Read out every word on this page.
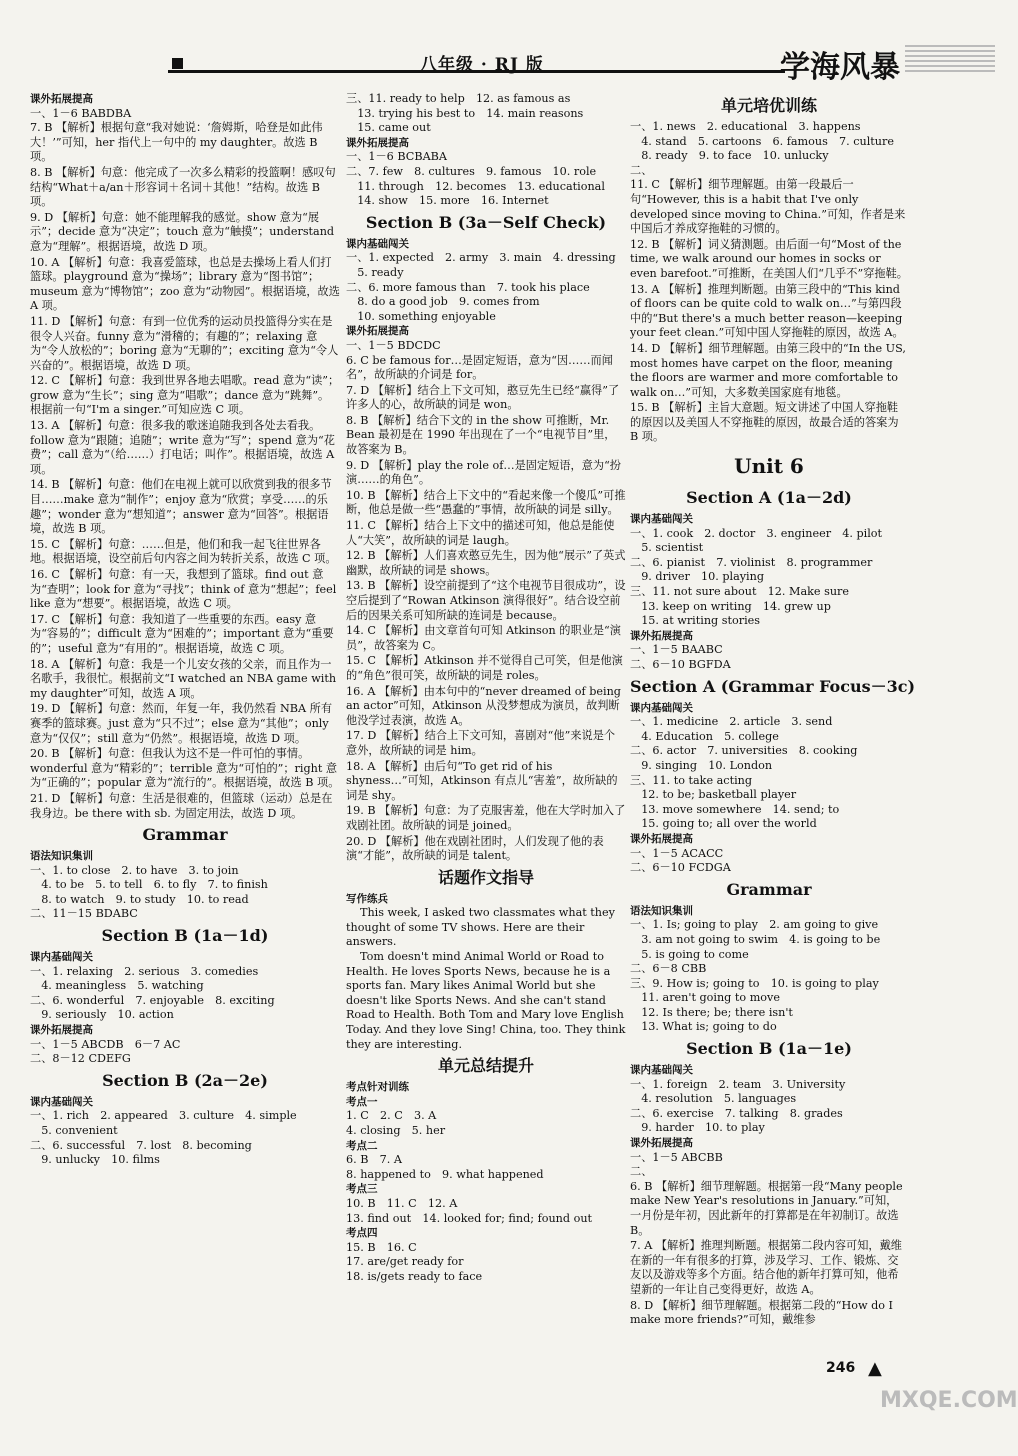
八年级 · RJ 版	学海风暴
课外拓展提高
一、1－6 BABDBA
7. B 【解析】根据句意“我对她说：‘詹姆斯，哈登是如此伟大！’”可知，her 指代上一句中的 my daughter。故选 B 项。
8. B 【解析】句意：他完成了一次多么精彩的投篮啊！感叹句结构“What＋a/an＋形容词＋名词＋其他！”结构。故选 B 项。
9. D 【解析】句意：她不能理解我的感觉。show 意为“展示”；decide 意为“决定”；touch 意为“触摸”；understand 意为“理解”。根据语境，故选 D 项。
10. A 【解析】句意：我喜爱篮球，也总是去操场上看人们打篮球。playground 意为“操场”；library 意为“图书馆”；museum 意为“博物馆”；zoo 意为“动物园”。根据语境，故选 A 项。
11. D 【解析】句意：有到一位优秀的运动员投篮得分实在是很令人兴奋。funny 意为“滑稽的；有趣的”；relaxing 意为“令人放松的”；boring 意为“无聊的”；exciting 意为“令人兴奋的”。根据语境，故选 D 项。
12. C 【解析】句意：我到世界各地去唱歌。read 意为“读”；grow 意为“生长”；sing 意为“唱歌”；dance 意为“跳舞”。根据前一句“I'm a singer.”可知应选 C 项。
13. A 【解析】句意：很多我的歌迷追随我到各处去看我。follow 意为“跟随；追随”；write 意为“写”；spend 意为“花费”；call 意为“（给……）打电话；叫作”。根据语境，故选 A 项。
14. B 【解析】句意：他们在电视上就可以欣赏到我的很多节目……make 意为“制作”；enjoy 意为“欣赏；享受……的乐趣”；wonder 意为“想知道”；answer 意为“回答”。根据语境，故选 B 项。
15. C 【解析】句意：……但是，他们和我一起飞往世界各地。根据语境，设空前后句内容之间为转折关系，故选 C 项。
16. C 【解析】句意：有一天，我想到了篮球。find out 意为“查明”；look for 意为“寻找”；think of 意为“想起”；feel like 意为“想要”。根据语境，故选 C 项。
17. C 【解析】句意：我知道了一些重要的东西。easy 意为“容易的”；difficult 意为“困难的”；important 意为“重要的”；useful 意为“有用的”。根据语境，故选 C 项。
18. A 【解析】句意：我是一个儿安女孩的父亲，而且作为一名歌手，我很忙。根据前文“I watched an NBA game with my daughter”可知，故选 A 项。
19. D 【解析】句意：然而，年复一年，我仍然看 NBA 所有赛季的篮球赛。just 意为“只不过”；else 意为“其他”；only 意为“仅仅”；still 意为“仍然”。根据语境，故选 D 项。
20. B 【解析】句意：但我认为这不是一件可怕的事情。wonderful 意为“精彩的”；terrible 意为“可怕的”；right 意为“正确的”；popular 意为“流行的”。根据语境，故选 B 项。
21. D 【解析】句意：生活是很难的，但篮球（运动）总是在我身边。be there with sb. 为固定用法，故选 D 项。
Grammar
语法知识集训
一、1. to close　2. to have　3. to join
　4. to be　5. to tell　6. to fly　7. to finish
　8. to watch　9. to study　10. to read
二、11－15 BDABC
Section B (1a－1d)
课内基础闯关
一、1. relaxing　2. serious　3. comedies
　4. meaningless　5. watching
二、6. wonderful　7. enjoyable　8. exciting
　9. seriously　10. action
课外拓展提高
一、1－5 ABCDB　6－7 AC
二、8－12 CDEFG
Section B (2a－2e)
课内基础闯关
一、1. rich　2. appeared　3. culture　4. simple
　5. convenient
二、6. successful　7. lost　8. becoming
　9. unlucky　10. films
三、11. ready to help　12. as famous as
　13. trying his best to　14. main reasons
　15. came out
课外拓展提高
一、1－6 BCBABA
二、7. few　8. cultures　9. famous　10. role
　11. through　12. becomes　13. educational
　14. show　15. more　16. Internet
Section B (3a－Self Check)
课内基础闯关
一、1. expected　2. army　3. main　4. dressing
　5. ready
二、6. more famous than　7. took his place
　8. do a good job　9. comes from
　10. something enjoyable
课外拓展提高
一、1－5 BDCDC
6. C be famous for…是固定短语，意为“因……而闻名”，故所缺的介词是 for。
7. D 【解析】结合上下文可知，憨豆先生已经“赢得”了许多人的心，故所缺的词是 won。
8. B 【解析】结合下文的 in the show 可推断，Mr. Bean 最初是在 1990 年出现在了一个“电视节目”里，故答案为 B。
9. D 【解析】play the role of…是固定短语，意为“扮演……的角色”。
10. B 【解析】结合上下文中的“看起来像一个傻瓜”可推断，他总是做一些“愚蠢的”事情，故所缺的词是 silly。
11. C 【解析】结合上下文中的描述可知，他总是能使人“大笑”，故所缺的词是 laugh。
12. B 【解析】人们喜欢憨豆先生，因为他“展示”了英式幽默，故所缺的词是 shows。
13. B 【解析】设空前提到了“这个电视节目很成功”，设空后提到了“Rowan Atkinson 演得很好”。结合设空前后的因果关系可知所缺的连词是 because。
14. C 【解析】由文章首句可知 Atkinson 的职业是“演员”，故答案为 C。
15. C 【解析】Atkinson 并不觉得自己可笑，但是他演的“角色”很可笑，故所缺的词是 roles。
16. A 【解析】由本句中的“never dreamed of being an actor”可知，Atkinson 从没梦想成为演员，故判断他没学过表演，故选 A。
17. D 【解析】结合上下文可知，喜剧对“他”来说是个意外，故所缺的词是 him。
18. A 【解析】由后句“To get rid of his shyness…”可知，Atkinson 有点儿“害羞”，故所缺的词是 shy。
19. B 【解析】句意：为了克服害羞，他在大学时加入了戏剧社团。故所缺的词是 joined。
20. D 【解析】他在戏剧社团时，人们发现了他的表演“才能”，故所缺的词是 talent。
话题作文指导
写作练兵
This week, I asked two classmates what they thought of some TV shows. Here are their answers.
Tom doesn't mind Animal World or Road to Health. He loves Sports News, because he is a sports fan. Mary likes Animal World but she doesn't like Sports News. And she can't stand Road to Health. Both Tom and Mary love English Today. And they love Sing! China, too. They think they are interesting.
单元总结提升
考点针对训练
考点一
1. C　2. C　3. A
4. closing　5. her
考点二
6. B　7. A
8. happened to　9. what happened
考点三
10. B　11. C　12. A
13. find out　14. looked for; find; found out
考点四
15. B　16. C
17. are/get ready for
18. is/gets ready to face
单元培优训练
一、1. news　2. educational　3. happens
　4. stand　5. cartoons　6. famous　7. culture
　8. ready　9. to face　10. unlucky
二、
11. C 【解析】细节理解题。由第一段最后一句“However, this is a habit that I've only developed since moving to China.”可知，作者是来中国后才养成穿拖鞋的习惯的。
12. B 【解析】词义猜测题。由后面一句“Most of the time, we walk around our homes in socks or even barefoot.”可推断，在美国人们“几乎不”穿拖鞋。
13. A 【解析】推理判断题。由第三段中的“This kind of floors can be quite cold to walk on…”与第四段中的“But there's a much better reason—keeping your feet clean.”可知中国人穿拖鞋的原因，故选 A。
14. D 【解析】细节理解题。由第三段中的“In the US, most homes have carpet on the floor, meaning the floors are warmer and more comfortable to walk on…”可知，大多数美国家庭有地毯。
15. B 【解析】主旨大意题。短文讲述了中国人穿拖鞋的原因以及美国人不穿拖鞋的原因，故最合适的答案为 B 项。
Unit 6
Section A (1a－2d)
课内基础闯关
一、1. cook　2. doctor　3. engineer　4. pilot
　5. scientist
二、6. pianist　7. violinist　8. programmer
　9. driver　10. playing
三、11. not sure about　12. Make sure
　13. keep on writing　14. grew up
　15. at writing stories
课外拓展提高
一、1－5 BAABC
二、6－10 BGFDA
Section A (Grammar Focus－3c)
课内基础闯关
一、1. medicine　2. article　3. send
　4. Education　5. college
二、6. actor　7. universities　8. cooking
　9. singing　10. London
三、11. to take acting
　12. to be; basketball player
　13. move somewhere　14. send; to
　15. going to; all over the world
课外拓展提高
一、1－5 ACACC
二、6－10 FCDGA
Grammar
语法知识集训
一、1. Is; going to play　2. am going to give
　3. am not going to swim　4. is going to be
　5. is going to come
二、6－8 CBB
三、9. How is; going to　10. is going to play
　11. aren't going to move
　12. Is there; be; there isn't
　13. What is; going to do
Section B (1a－1e)
课内基础闯关
一、1. foreign　2. team　3. University
　4. resolution　5. languages
二、6. exercise　7. talking　8. grades
　9. harder　10. to play
课外拓展提高
一、1－5 ABCBB
二、
6. B 【解析】细节理解题。根据第一段“Many people make New Year's resolutions in January.”可知，一月份是年初，因此新年的打算都是在年初制订。故选 B。
7. A 【解析】推理判断题。根据第二段内容可知，戴维在新的一年有很多的打算，涉及学习、工作、锻炼、交友以及游戏等多个方面。结合他的新年打算可知，他希望新的一年让自己变得更好，故选 A。
8. D 【解析】细节理解题。根据第二段的“How do I make more friends?”可知，戴维参
246 ▲
MXQE.COM
